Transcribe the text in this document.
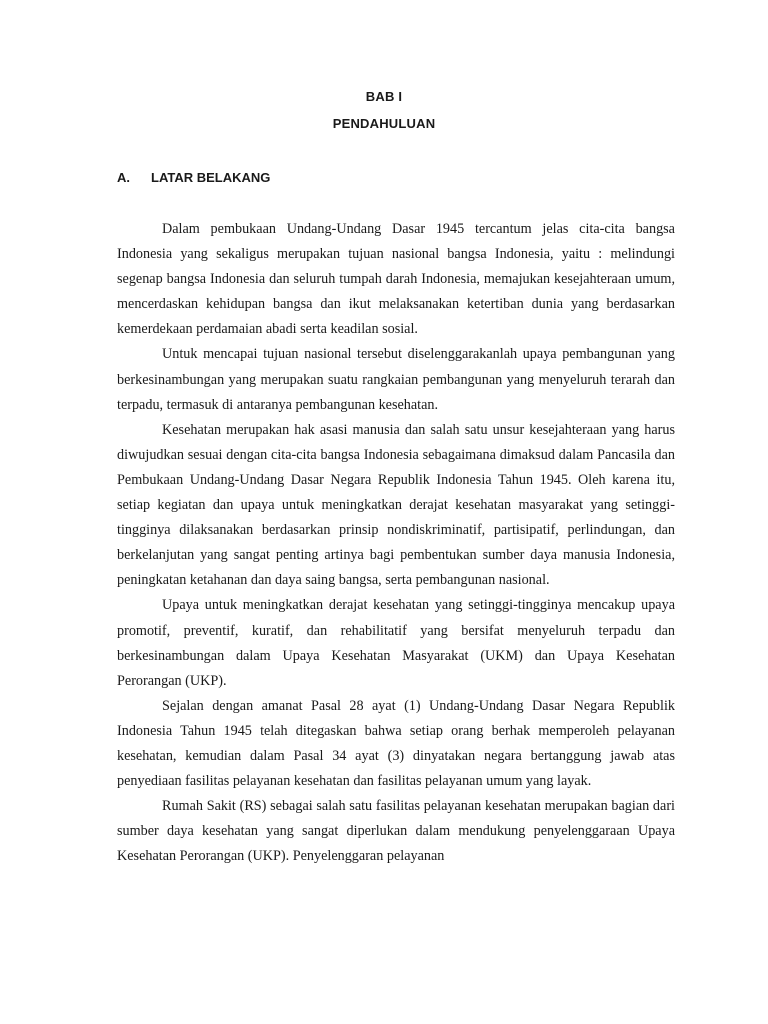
BAB I
PENDAHULUAN
A. LATAR BELAKANG

Dalam pembukaan Undang-Undang Dasar 1945 tercantum jelas cita-cita bangsa Indonesia yang sekaligus merupakan tujuan nasional bangsa Indonesia, yaitu : melindungi segenap bangsa Indonesia dan seluruh tumpah darah Indonesia, memajukan kesejahteraan umum, mencerdaskan kehidupan bangsa dan ikut melaksanakan ketertiban dunia yang berdasarkan kemerdekaan perdamaian abadi serta keadilan sosial.

Untuk mencapai tujuan nasional tersebut diselenggarakanlah upaya pembangunan yang berkesinambungan yang merupakan suatu rangkaian pembangunan yang menyeluruh terarah dan terpadu, termasuk di antaranya pembangunan kesehatan.

Kesehatan merupakan hak asasi manusia dan salah satu unsur kesejahteraan yang harus diwujudkan sesuai dengan cita-cita bangsa Indonesia sebagaimana dimaksud dalam Pancasila dan Pembukaan Undang-Undang Dasar Negara Republik Indonesia Tahun 1945. Oleh karena itu, setiap kegiatan dan upaya untuk meningkatkan derajat kesehatan masyarakat yang setinggi-tingginya dilaksanakan berdasarkan prinsip nondiskriminatif, partisipatif, perlindungan, dan berkelanjutan yang sangat penting artinya bagi pembentukan sumber daya manusia Indonesia, peningkatan ketahanan dan daya saing bangsa, serta pembangunan nasional.

Upaya untuk meningkatkan derajat kesehatan yang setinggi-tingginya mencakup upaya promotif, preventif, kuratif, dan rehabilitatif yang bersifat menyeluruh terpadu dan berkesinambungan dalam Upaya Kesehatan Masyarakat (UKM) dan Upaya Kesehatan Perorangan (UKP).

Sejalan dengan amanat Pasal 28 ayat (1) Undang-Undang Dasar Negara Republik Indonesia Tahun 1945 telah ditegaskan bahwa setiap orang berhak memperoleh pelayanan kesehatan, kemudian dalam Pasal 34 ayat (3) dinyatakan negara bertanggung jawab atas penyediaan fasilitas pelayanan kesehatan dan fasilitas pelayanan umum yang layak.

Rumah Sakit (RS) sebagai salah satu fasilitas pelayanan kesehatan merupakan bagian dari sumber daya kesehatan yang sangat diperlukan dalam mendukung penyelenggaraan Upaya Kesehatan Perorangan (UKP). Penyelenggaran pelayanan
